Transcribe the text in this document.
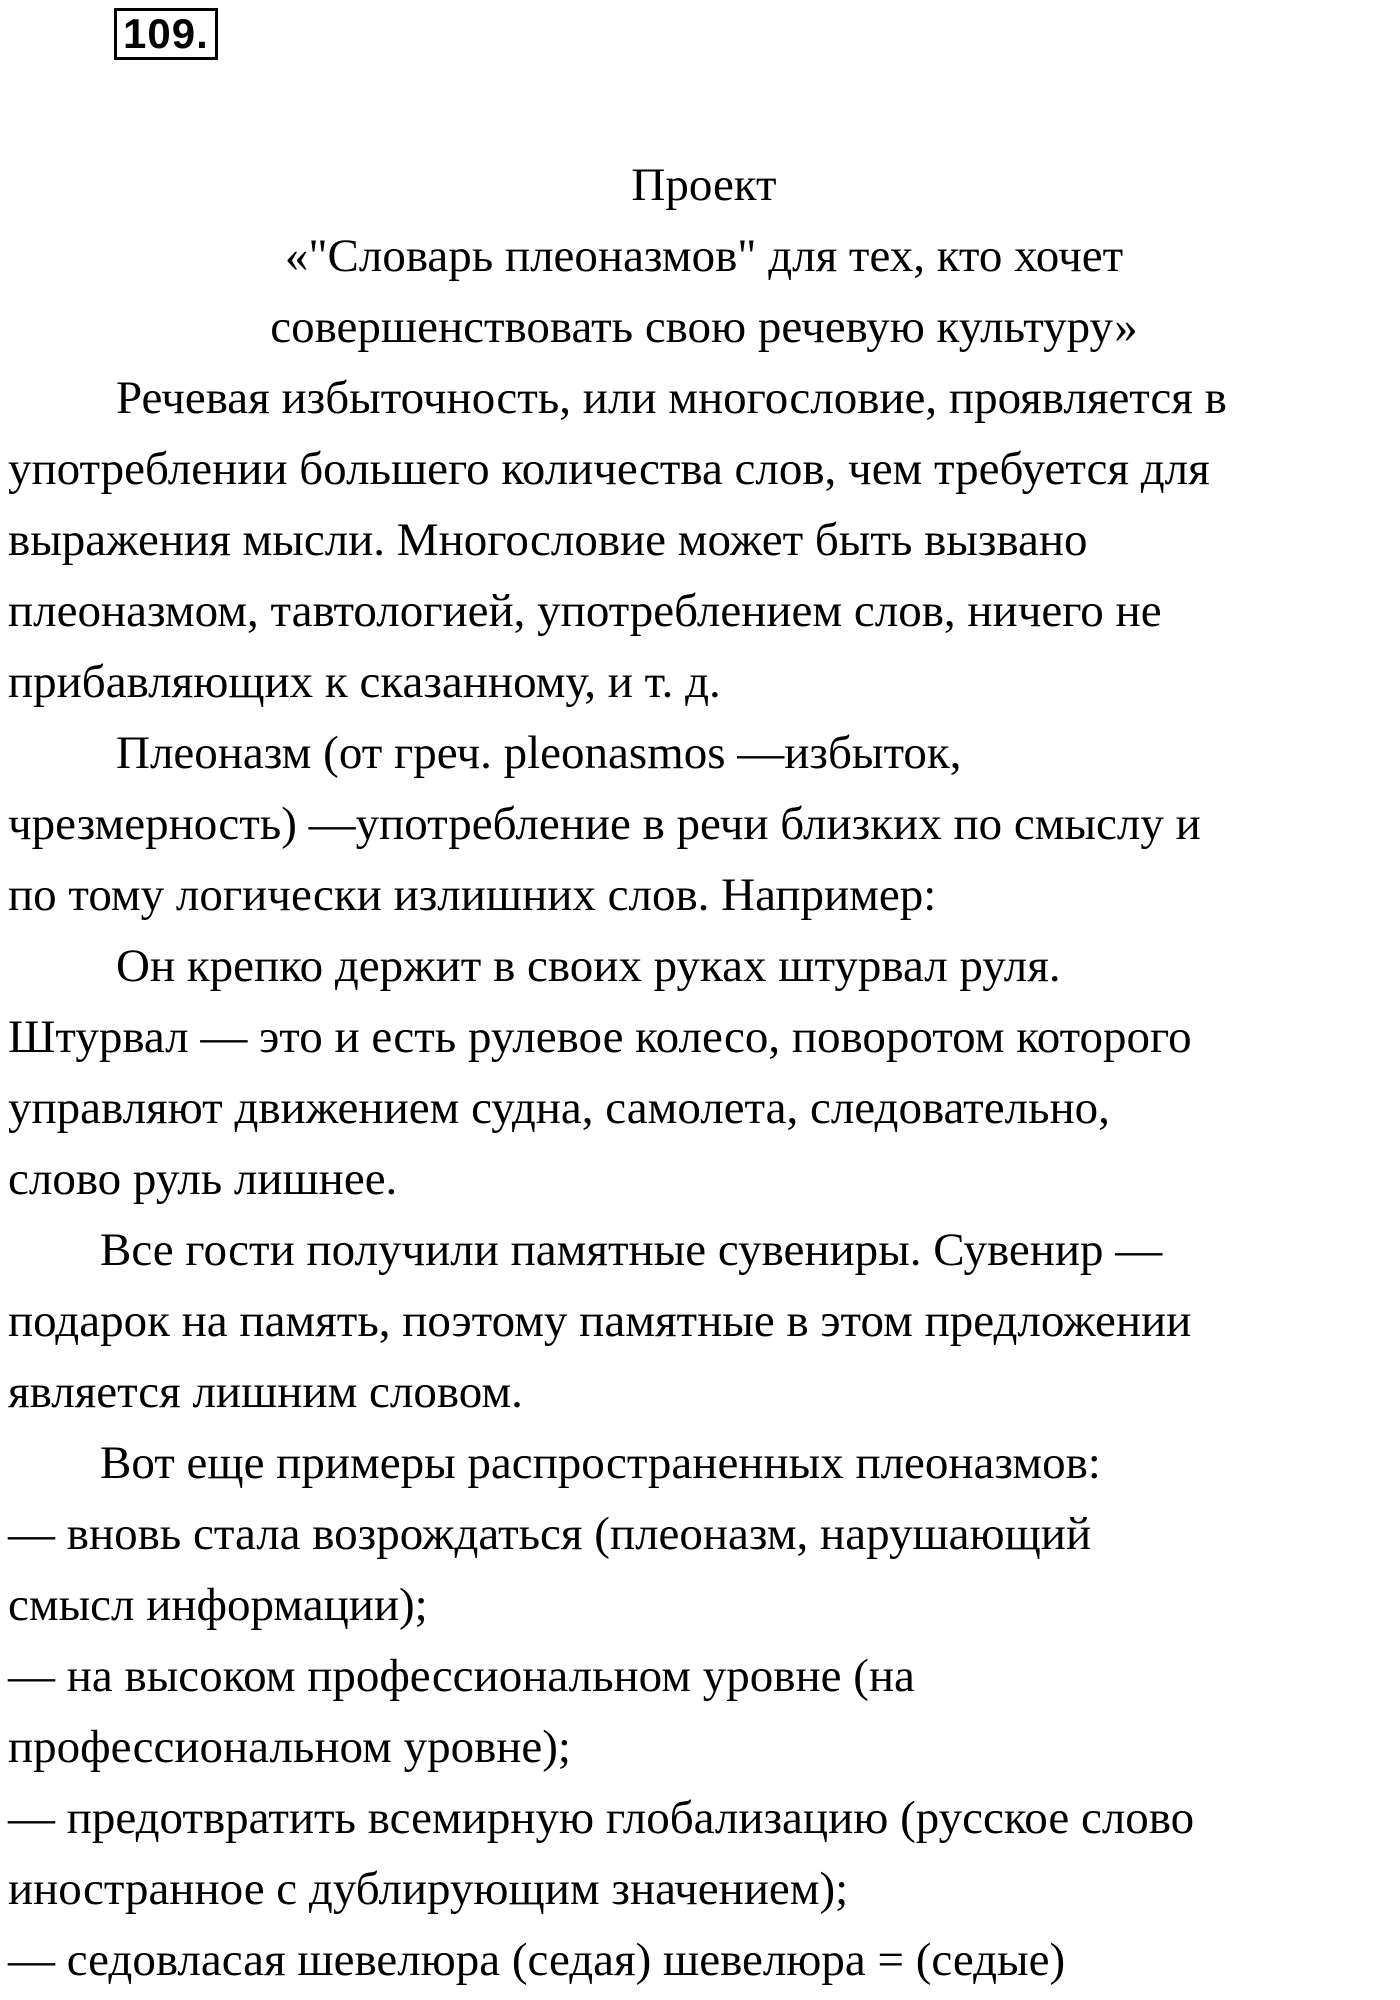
109.
Проект
«"Словарь плеоназмов" для тех, кто хочет
совершенствовать свою речевую культуру»
Речевая избыточность, или многословие, проявляется в
употреблении большего количества слов, чем требуется для
выражения мысли. Многословие может быть вызвано
плеоназмом, тавтологией, употреблением слов, ничего не
прибавляющих к сказанному, и т. д.
Плеоназм (от греч. pleonasmos —избыток,
чрезмерность) —употребление в речи близких по смыслу и
по тому логически излишних слов. Например:
Он крепко держит в своих руках штурвал руля.
Штурвал — это и есть рулевое колесо, поворотом которого
управляют движением судна, самолета, следовательно,
слово руль лишнее.
Все гости получили памятные сувениры. Сувенир —
подарок на память, поэтому памятные в этом предложении
является лишним словом.
Вот еще примеры распространенных плеоназмов:
— вновь стала возрождаться (плеоназм, нарушающий
смысл информации);
— на высоком профессиональном уровне (на
профессиональном уровне);
— предотвратить всемирную глобализацию (русское слово
иностранное с дублирующим значением);
— седовласая шевелюра (седая) шевелюра = (седые)
